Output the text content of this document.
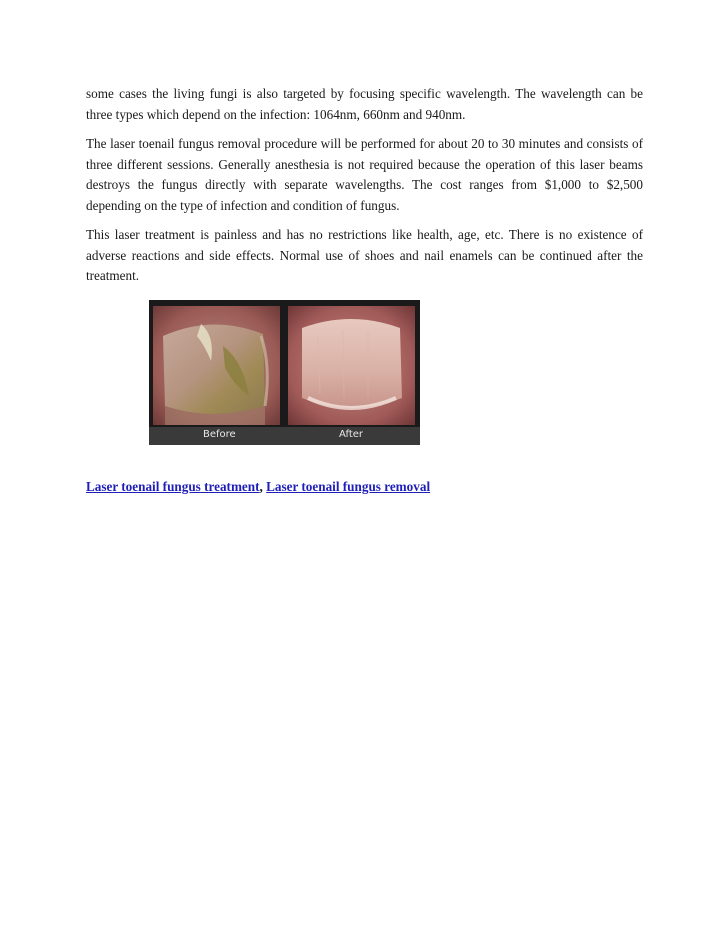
some cases the living fungi is also targeted by focusing specific wavelength. The wavelength can be three types which depend on the infection: 1064nm, 660nm and 940nm.

The laser toenail fungus removal procedure will be performed for about 20 to 30 minutes and consists of three different sessions. Generally anesthesia is not required because the operation of this laser beams destroys the fungus directly with separate wavelengths. The cost ranges from $1,000 to $2,500 depending on the type of infection and condition of fungus.

This laser treatment is painless and has no restrictions like health, age, etc. There is no existence of adverse reactions and side effects. Normal use of shoes and nail enamels can be continued after the treatment.

Before	After
Laser toenail fungus treatment, Laser toenail fungus removal
